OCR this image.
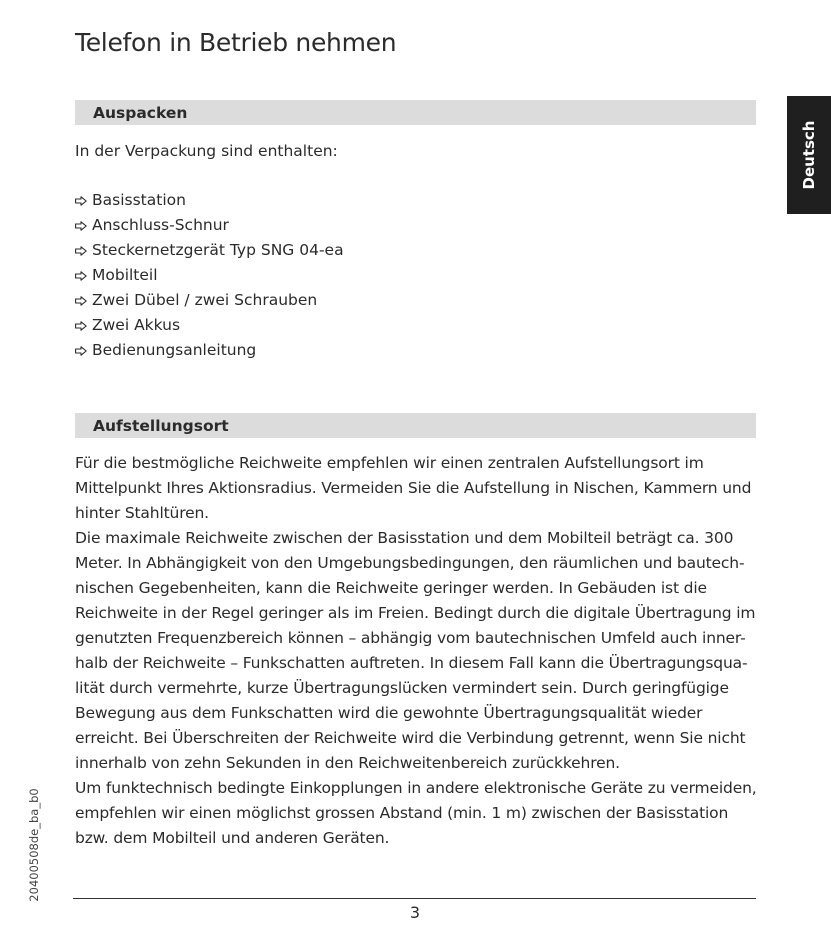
Telefon in Betrieb nehmen
Deutsch
Auspacken

In der Verpackung sind enthalten:

Basisstation
Anschluss-Schnur
Steckernetzgerät Typ SNG 04-ea
Mobilteil
Zwei Dübel / zwei Schrauben
Zwei Akkus
Bedienungsanleitung
Aufstellungsort

Für die bestmögliche Reichweite empfehlen wir einen zentralen Aufstellungsort im
Mittelpunkt Ihres Aktionsradius. Vermeiden Sie die Aufstellung in Nischen, Kammern und
hinter Stahltüren.

Die maximale Reichweite zwischen der Basisstation und dem Mobilteil beträgt ca. 300
Meter. In Abhängigkeit von den Umgebungsbedingungen, den räumlichen und bautech-
nischen Gegebenheiten, kann die Reichweite geringer werden. In Gebäuden ist die
Reichweite in der Regel geringer als im Freien. Bedingt durch die digitale Übertragung im
genutzten Frequenzbereich können – abhängig vom bautechnischen Umfeld auch inner-
halb der Reichweite – Funkschatten auftreten. In diesem Fall kann die Übertragungsqua-
lität durch vermehrte, kurze Übertragungslücken vermindert sein. Durch geringfügige
Bewegung aus dem Funkschatten wird die gewohnte Übertragungsqualität wieder
erreicht. Bei Überschreiten der Reichweite wird die Verbindung getrennt, wenn Sie nicht
innerhalb von zehn Sekunden in den Reichweitenbereich zurückkehren.

Um funktechnisch bedingte Einkopplungen in andere elektronische Geräte zu vermeiden,
empfehlen wir einen möglichst grossen Abstand (min. 1 m) zwischen der Basisstation
bzw. dem Mobilteil und anderen Geräten.

20400508de_ba_b0
3
